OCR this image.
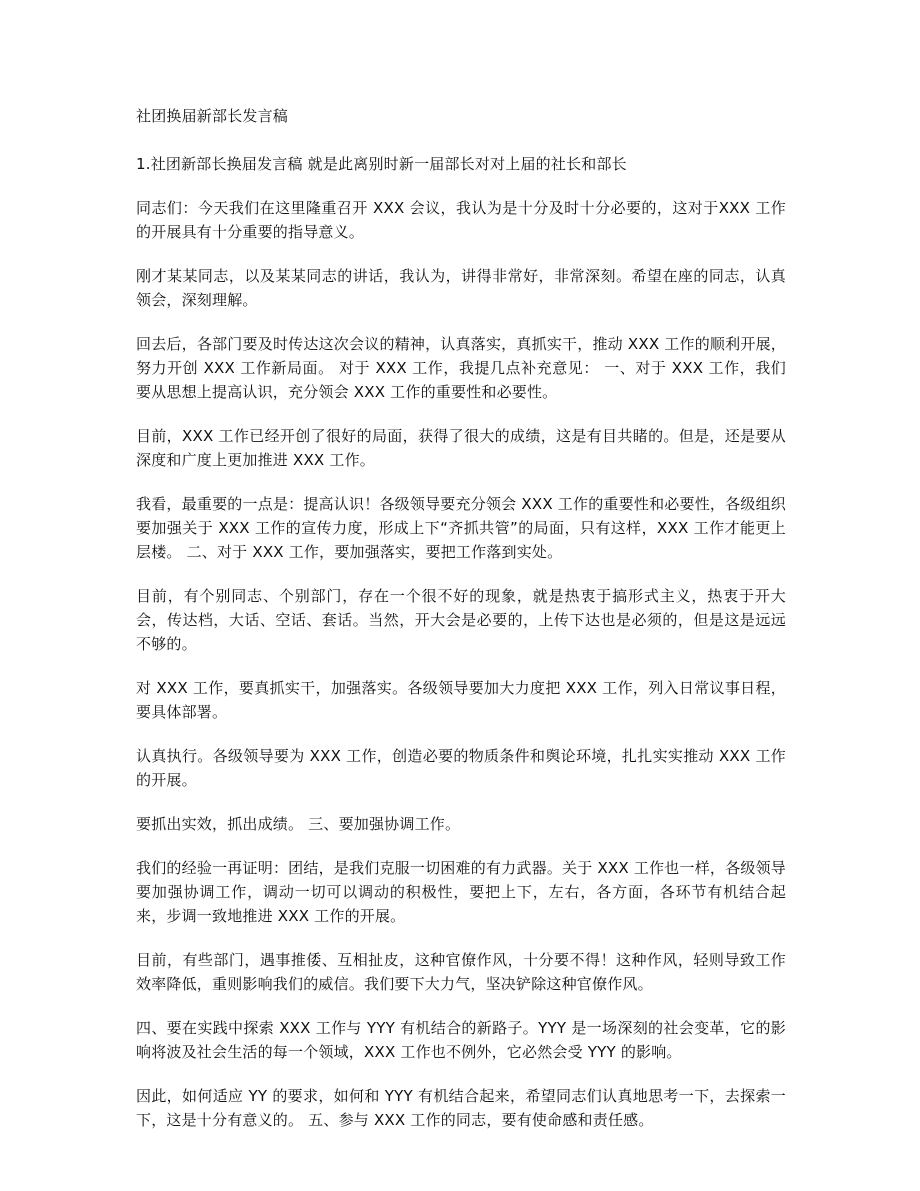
社团换届新部长发言稿

1.社团新部长换届发言稿 就是此离别时新一届部长对对上届的社长和部长

同志们：今天我们在这里隆重召开 XXX 会议，我认为是十分及时十分必要的，这对于XXX 工作的开展具有十分重要的指导意义。

刚才某某同志，以及某某同志的讲话，我认为，讲得非常好，非常深刻。希望在座的同志，认真领会，深刻理解。

回去后，各部门要及时传达这次会议的精神，认真落实，真抓实干，推动 XXX 工作的顺利开展，努力开创 XXX 工作新局面。 对于 XXX 工作，我提几点补充意见： 一、对于 XXX 工作，我们要从思想上提高认识，充分领会 XXX 工作的重要性和必要性。

目前，XXX 工作已经开创了很好的局面，获得了很大的成绩，这是有目共睹的。但是，还是要从深度和广度上更加推进 XXX 工作。

我看，最重要的一点是：提高认识！各级领导要充分领会 XXX 工作的重要性和必要性，各级组织要加强关于 XXX 工作的宣传力度，形成上下“齐抓共管”的局面，只有这样，XXX 工作才能更上层楼。 二、对于 XXX 工作，要加强落实，要把工作落到实处。

目前，有个别同志、个别部门，存在一个很不好的现象，就是热衷于搞形式主义，热衷于开大会，传达档，大话、空话、套话。当然，开大会是必要的，上传下达也是必须的，但是这是远远不够的。

对 XXX 工作，要真抓实干，加强落实。各级领导要加大力度把 XXX 工作，列入日常议事日程，要具体部署。

认真执行。各级领导要为 XXX 工作，创造必要的物质条件和舆论环境，扎扎实实推动 XXX 工作的开展。

要抓出实效，抓出成绩。 三、要加强协调工作。

我们的经验一再证明：团结，是我们克服一切困难的有力武器。关于 XXX 工作也一样，各级领导要加强协调工作，调动一切可以调动的积极性，要把上下，左右，各方面，各环节有机结合起来，步调一致地推进 XXX 工作的开展。

目前，有些部门，遇事推倭、互相扯皮，这种官僚作风，十分要不得！这种作风，轻则导致工作效率降低，重则影响我们的威信。我们要下大力气，坚决铲除这种官僚作风。

四、要在实践中探索 XXX 工作与 YYY 有机结合的新路子。YYY 是一场深刻的社会变革，它的影响将波及社会生活的每一个领域，XXX 工作也不例外，它必然会受 YYY 的影响。

因此，如何适应 YY 的要求，如何和 YYY 有机结合起来，希望同志们认真地思考一下，去探索一下，这是十分有意义的。 五、参与 XXX 工作的同志，要有使命感和责任感。
